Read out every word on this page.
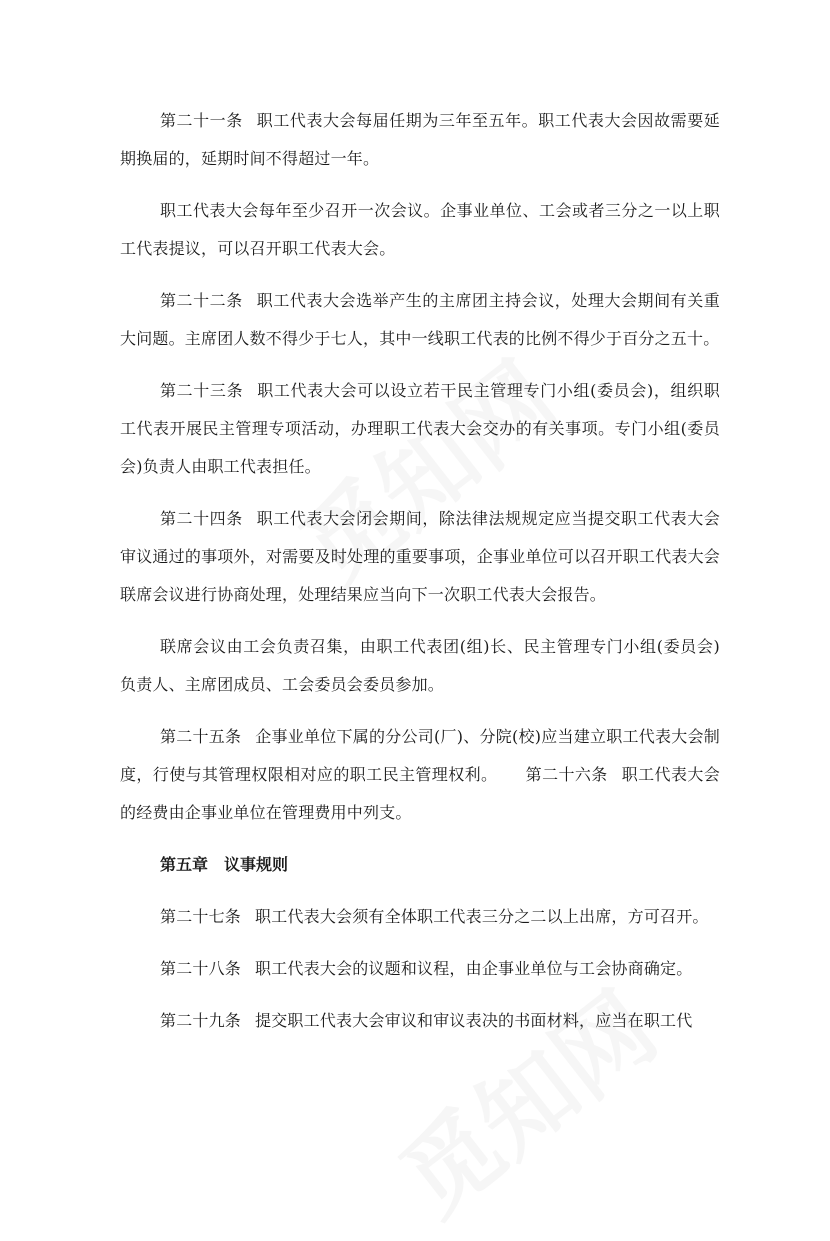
第二十一条 职工代表大会每届任期为三年至五年。职工代表大会因故需要延期换届的，延期时间不得超过一年。

职工代表大会每年至少召开一次会议。企事业单位、工会或者三分之一以上职工代表提议，可以召开职工代表大会。

第二十二条 职工代表大会选举产生的主席团主持会议，处理大会期间有关重大问题。主席团人数不得少于七人，其中一线职工代表的比例不得少于百分之五十。

第二十三条 职工代表大会可以设立若干民主管理专门小组(委员会)，组织职工代表开展民主管理专项活动，办理职工代表大会交办的有关事项。专门小组(委员会)负责人由职工代表担任。

第二十四条 职工代表大会闭会期间，除法律法规规定应当提交职工代表大会审议通过的事项外，对需要及时处理的重要事项，企事业单位可以召开职工代表大会联席会议进行协商处理，处理结果应当向下一次职工代表大会报告。

联席会议由工会负责召集，由职工代表团(组)长、民主管理专门小组(委员会)负责人、主席团成员、工会委员会委员参加。

第二十五条 企事业单位下属的分公司(厂)、分院(校)应当建立职工代表大会制度，行使与其管理权限相对应的职工民主管理权利。 第二十六条 职工代表大会的经费由企事业单位在管理费用中列支。

第五章　议事规则

第二十七条 职工代表大会须有全体职工代表三分之二以上出席，方可召开。

第二十八条 职工代表大会的议题和议程，由企事业单位与工会协商确定。

第二十九条 提交职工代表大会审议和审议表决的书面材料，应当在职工代
